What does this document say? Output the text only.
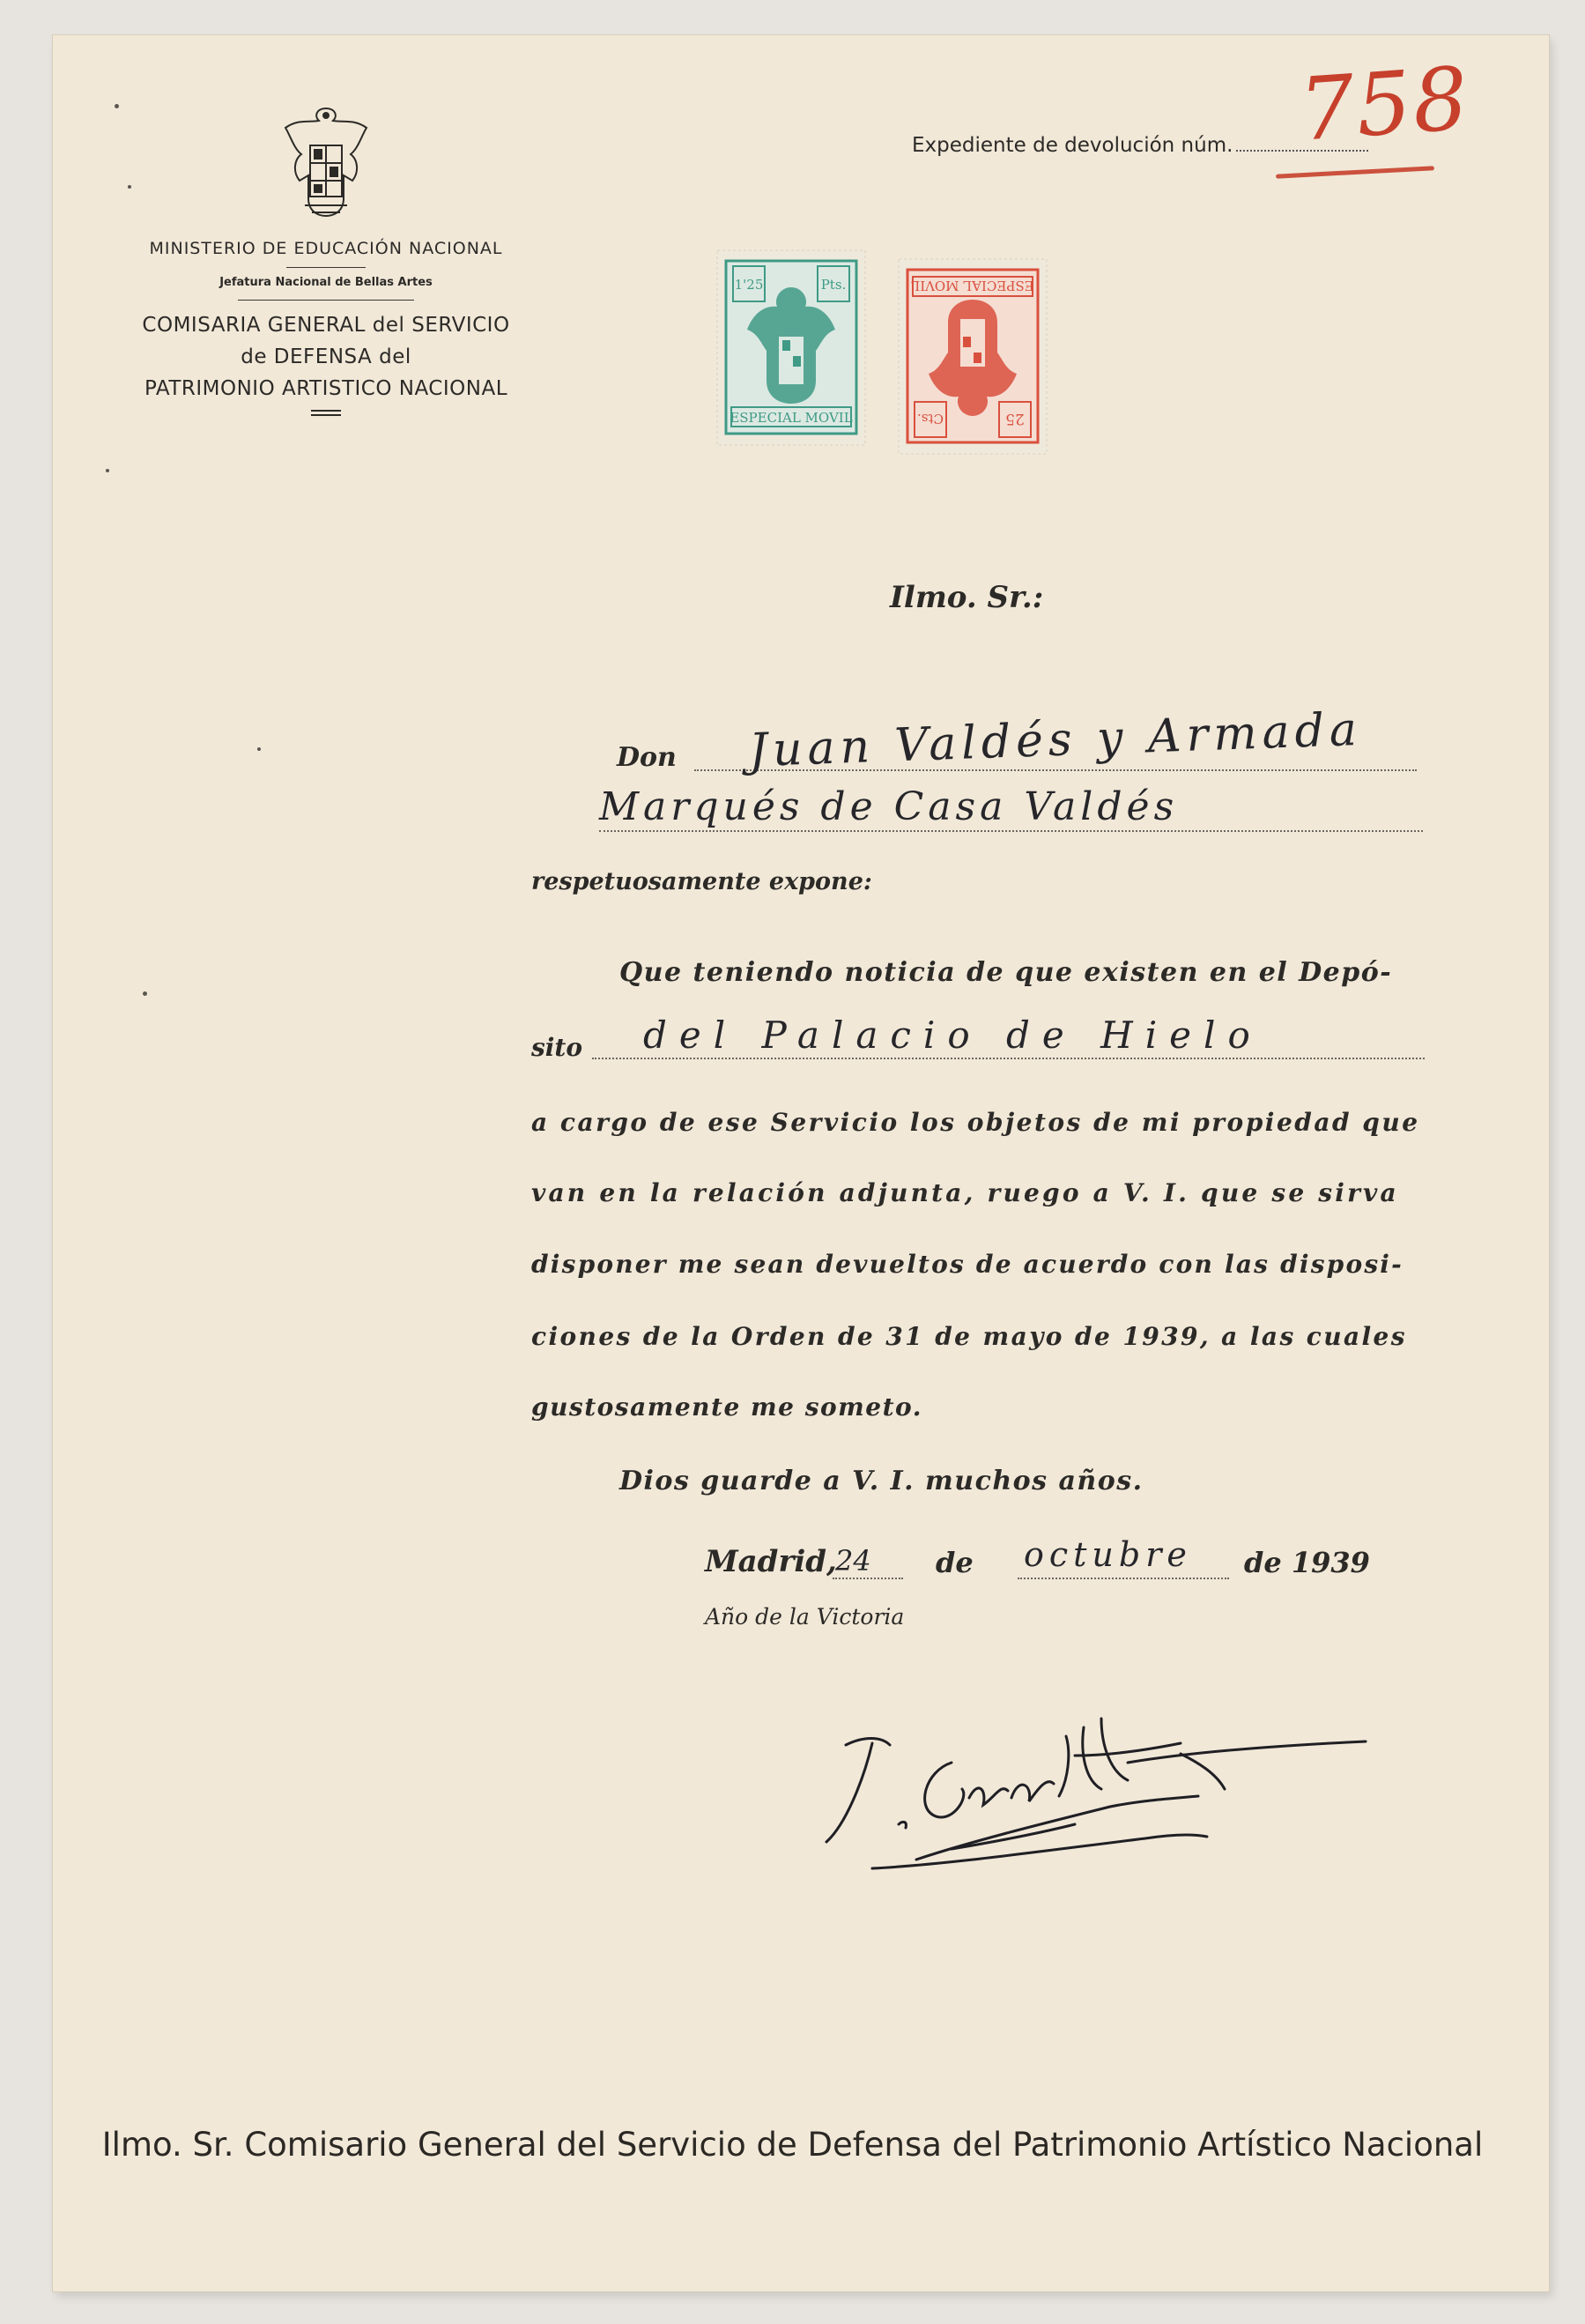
MINISTERIO DE EDUCACIÓN NACIONAL
Jefatura Nacional de Bellas Artes
COMISARIA GENERAL del SERVICIO
de DEFENSA del
PATRIMONIO ARTISTICO NACIONAL
Expediente de devolución núm. 758
1'25	Pts.
ESPECIAL MOVIL	25
Cts.
ESPECIAL MOVIL
Ilmo. Sr.:
Don Juan Valdés y Armada
Marqués de Casa Valdés
respetuosamente expone:
Que teniendo noticia de que existen en el Depó-
sito del Palacio de Hielo
a cargo de ese Servicio los objetos de mi propiedad que
van en la relación adjunta, ruego a V. I. que se sirva
disponer me sean devueltos de acuerdo con las disposi-
ciones de la Orden de 31 de mayo de 1939, a las cuales
gustosamente me someto.
Dios guarde a V. I. muchos años.
Madrid,
24 de octubre de 1939
Año de la Victoria
Ilmo. Sr. Comisario General del Servicio de Defensa del Patrimonio Artístico Nacional
